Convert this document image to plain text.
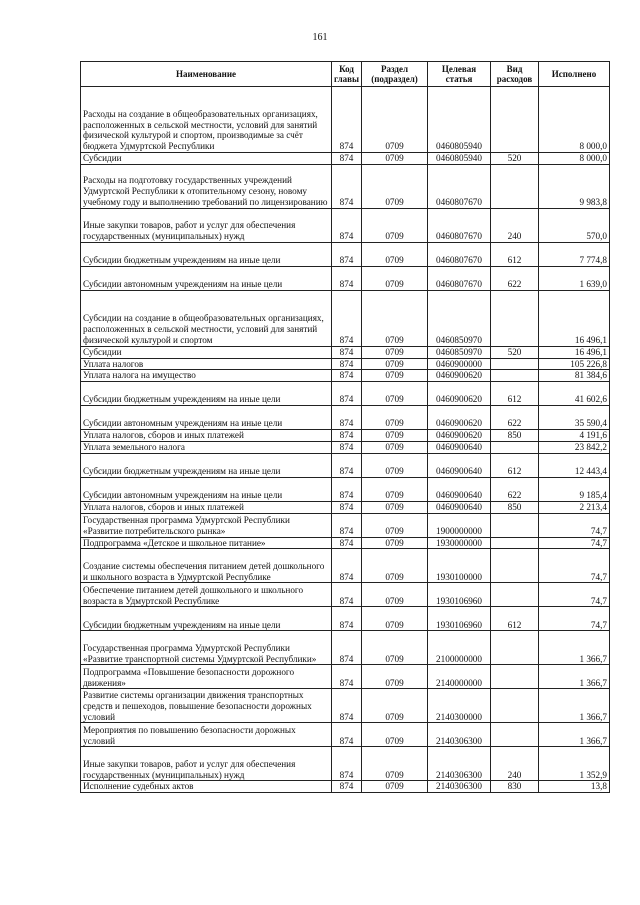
161
Наименование	Код главы	Раздел (подраздел)	Целевая статья	Вид расходов	Исполнено
Расходы на создание в общеобразовательных организациях, расположенных в сельской местности, условий для занятий физической культурой и спортом, производимые за счёт бюджета Удмуртской Республики	874	0709	0460805940		8 000,0
Субсидии	874	0709	0460805940	520	8 000,0
Расходы на подготовку государственных учреждений Удмуртской Республики к отопительному сезону, новому учебному году и выполнению требований по лицензированию	874	0709	0460807670		9 983,8
Иные закупки товаров, работ и услуг для обеспечения государственных (муниципальных) нужд	874	0709	0460807670	240	570,0
Субсидии бюджетным учреждениям на иные цели	874	0709	0460807670	612	7 774,8
Субсидии автономным учреждениям на иные цели	874	0709	0460807670	622	1 639,0
Субсидии на создание в общеобразовательных организациях, расположенных в сельской местности, условий для занятий физической культурой и спортом	874	0709	0460850970		16 496,1
Субсидии	874	0709	0460850970	520	16 496,1
Уплата налогов	874	0709	0460900000		105 226,8
Уплата налога на имущество	874	0709	0460900620		81 384,6
Субсидии бюджетным учреждениям на иные цели	874	0709	0460900620	612	41 602,6
Субсидии автономным учреждениям на иные цели	874	0709	0460900620	622	35 590,4
Уплата налогов, сборов и иных платежей	874	0709	0460900620	850	4 191,6
Уплата земельного налога	874	0709	0460900640		23 842,2
Субсидии бюджетным учреждениям на иные цели	874	0709	0460900640	612	12 443,4
Субсидии автономным учреждениям на иные цели	874	0709	0460900640	622	9 185,4
Уплата налогов, сборов и иных платежей	874	0709	0460900640	850	2 213,4
Государственная программа Удмуртской Республики «Развитие потребительского рынка»	874	0709	1900000000		74,7
Подпрограмма «Детское и школьное питание»	874	0709	1930000000		74,7
Создание системы обеспечения питанием детей дошкольного и школьного возраста в Удмуртской Республике	874	0709	1930100000		74,7
Обеспечение питанием детей дошкольного и школьного возраста в Удмуртской Республике	874	0709	1930106960		74,7
Субсидии бюджетным учреждениям на иные цели	874	0709	1930106960	612	74,7
Государственная программа Удмуртской Республики «Развитие транспортной системы Удмуртской Республики»	874	0709	2100000000		1 366,7
Подпрограмма «Повышение безопасности дорожного движения»	874	0709	2140000000		1 366,7
Развитие системы организации движения транспортных средств и пешеходов, повышение безопасности дорожных условий	874	0709	2140300000		1 366,7
Мероприятия по повышению безопасности дорожных условий	874	0709	2140306300		1 366,7
Иные закупки товаров, работ и услуг для обеспечения государственных (муниципальных) нужд	874	0709	2140306300	240	1 352,9
Исполнение судебных актов	874	0709	2140306300	830	13,8
